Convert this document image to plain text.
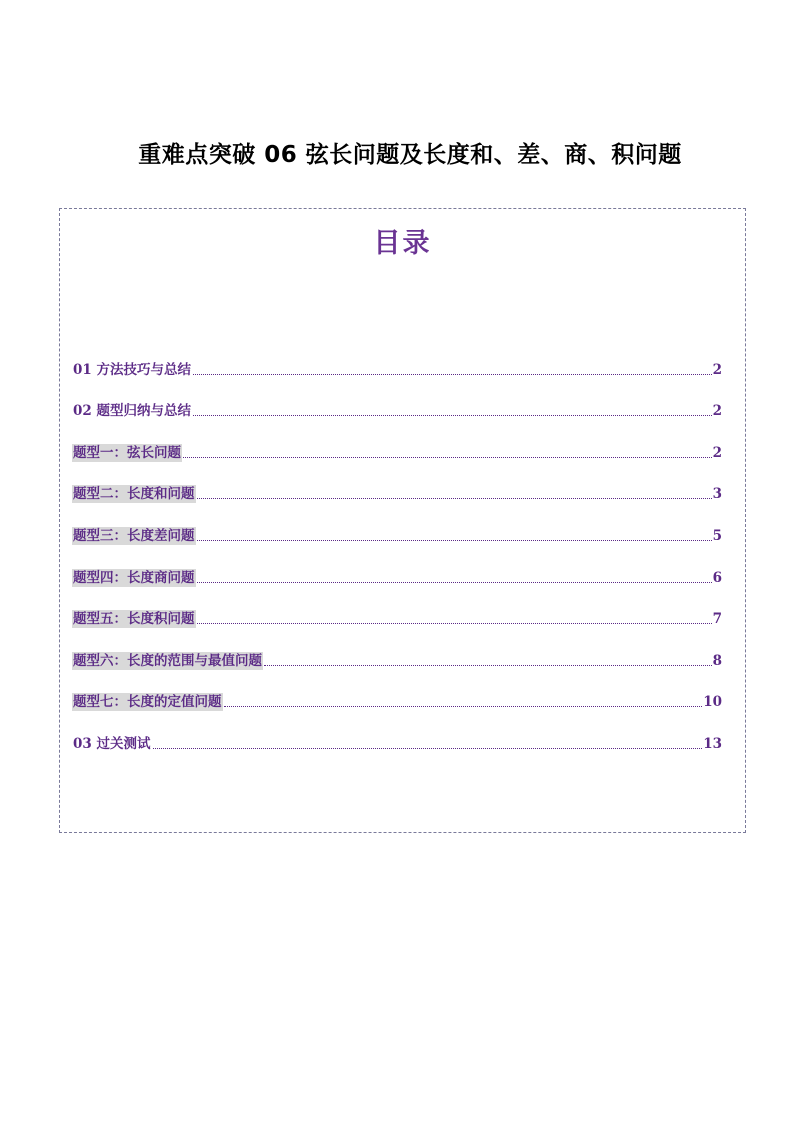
重难点突破 06 弦长问题及长度和、差、商、积问题
目录
01 方法技巧与总结	2
02 题型归纳与总结	2
题型一：弦长问题	2
题型二：长度和问题	3
题型三：长度差问题	5
题型四：长度商问题	6
题型五：长度积问题	7
题型六：长度的范围与最值问题	8
题型七：长度的定值问题	10
03 过关测试	13
